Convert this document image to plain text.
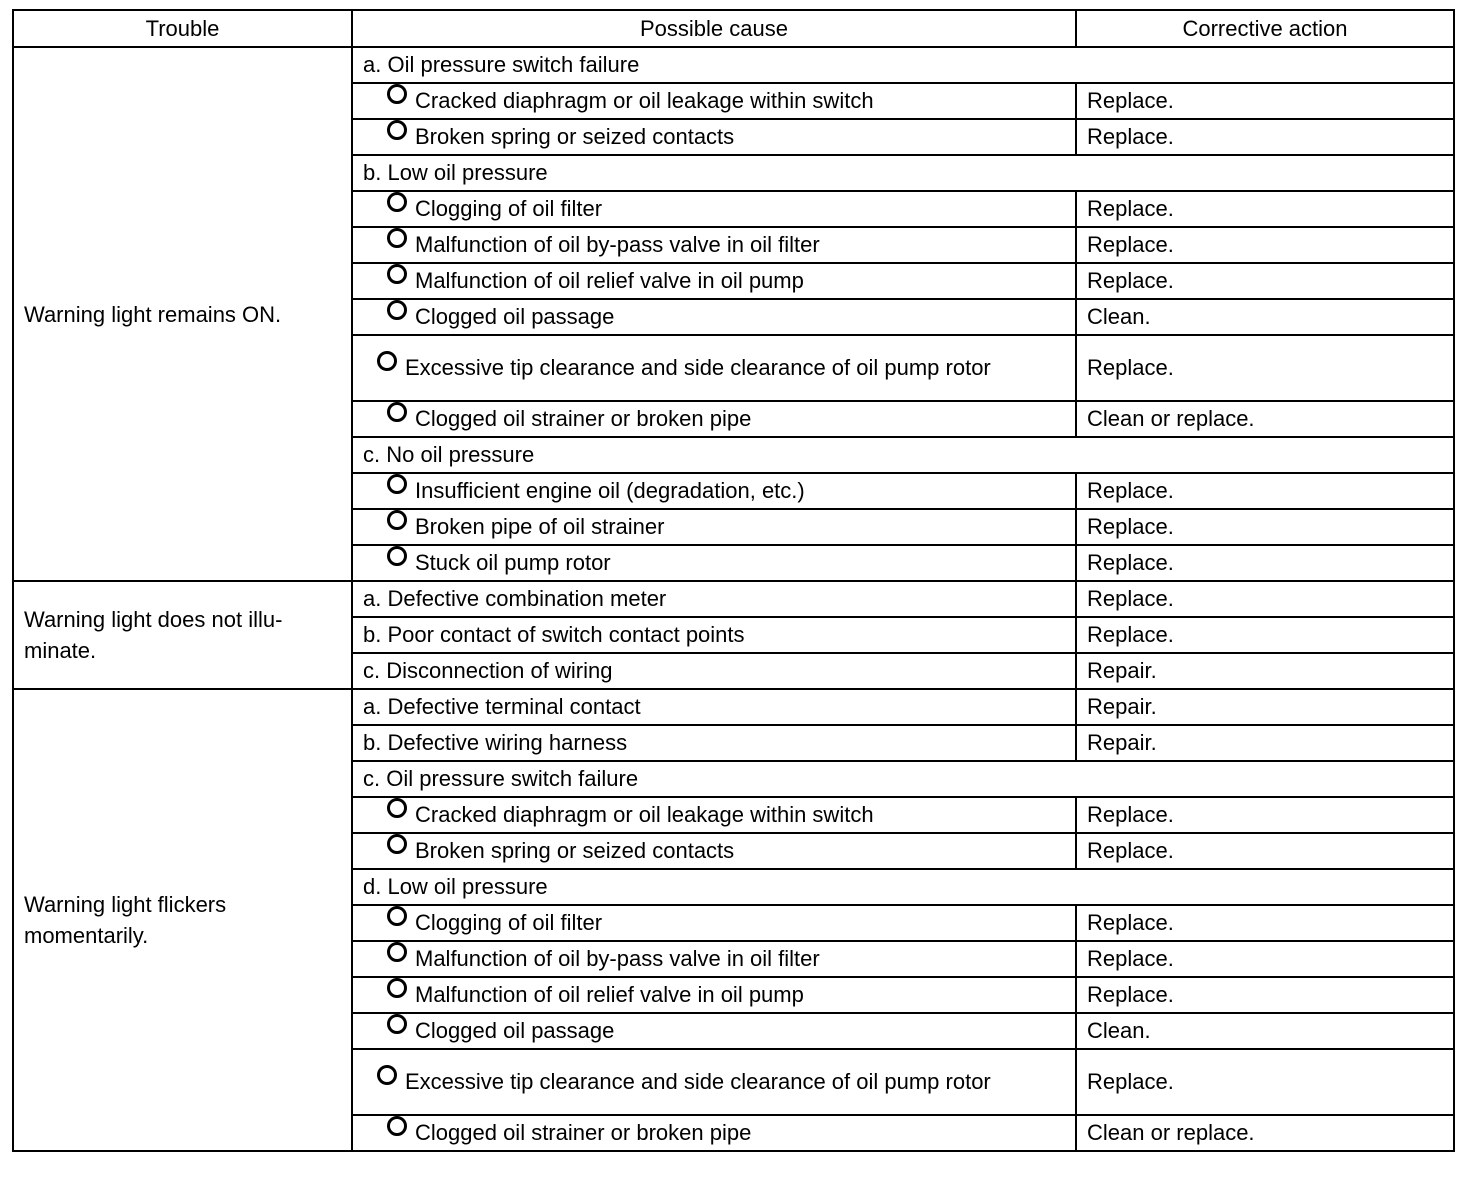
Trouble	Possible cause	Corrective action
Warning light remains ON.	a. Oil pressure switch failure	
	Cracked diaphragm or oil leakage within switch	Replace.
	Broken spring or seized contacts	Replace.
	b. Low oil pressure	
	Clogging of oil filter	Replace.
	Malfunction of oil by-pass valve in oil filter	Replace.
	Malfunction of oil relief valve in oil pump	Replace.
	Clogged oil passage	Clean.
	Excessive tip clearance and side clearance of oil pump rotor	Replace.
	Clogged oil strainer or broken pipe	Clean or replace.
	c. No oil pressure	
	Insufficient engine oil (degradation, etc.)	Replace.
	Broken pipe of oil strainer	Replace.
	Stuck oil pump rotor	Replace.
Warning light does not illu-
minate.	a. Defective combination meter	Replace.
	b. Poor contact of switch contact points	Replace.
	c. Disconnection of wiring	Repair.
Warning light flickers
momentarily.	a. Defective terminal contact	Repair.
	b. Defective wiring harness	Repair.
	c. Oil pressure switch failure	
	Cracked diaphragm or oil leakage within switch	Replace.
	Broken spring or seized contacts	Replace.
	d. Low oil pressure	
	Clogging of oil filter	Replace.
	Malfunction of oil by-pass valve in oil filter	Replace.
	Malfunction of oil relief valve in oil pump	Replace.
	Clogged oil passage	Clean.
	Excessive tip clearance and side clearance of oil pump rotor	Replace.
	Clogged oil strainer or broken pipe	Clean or replace.
